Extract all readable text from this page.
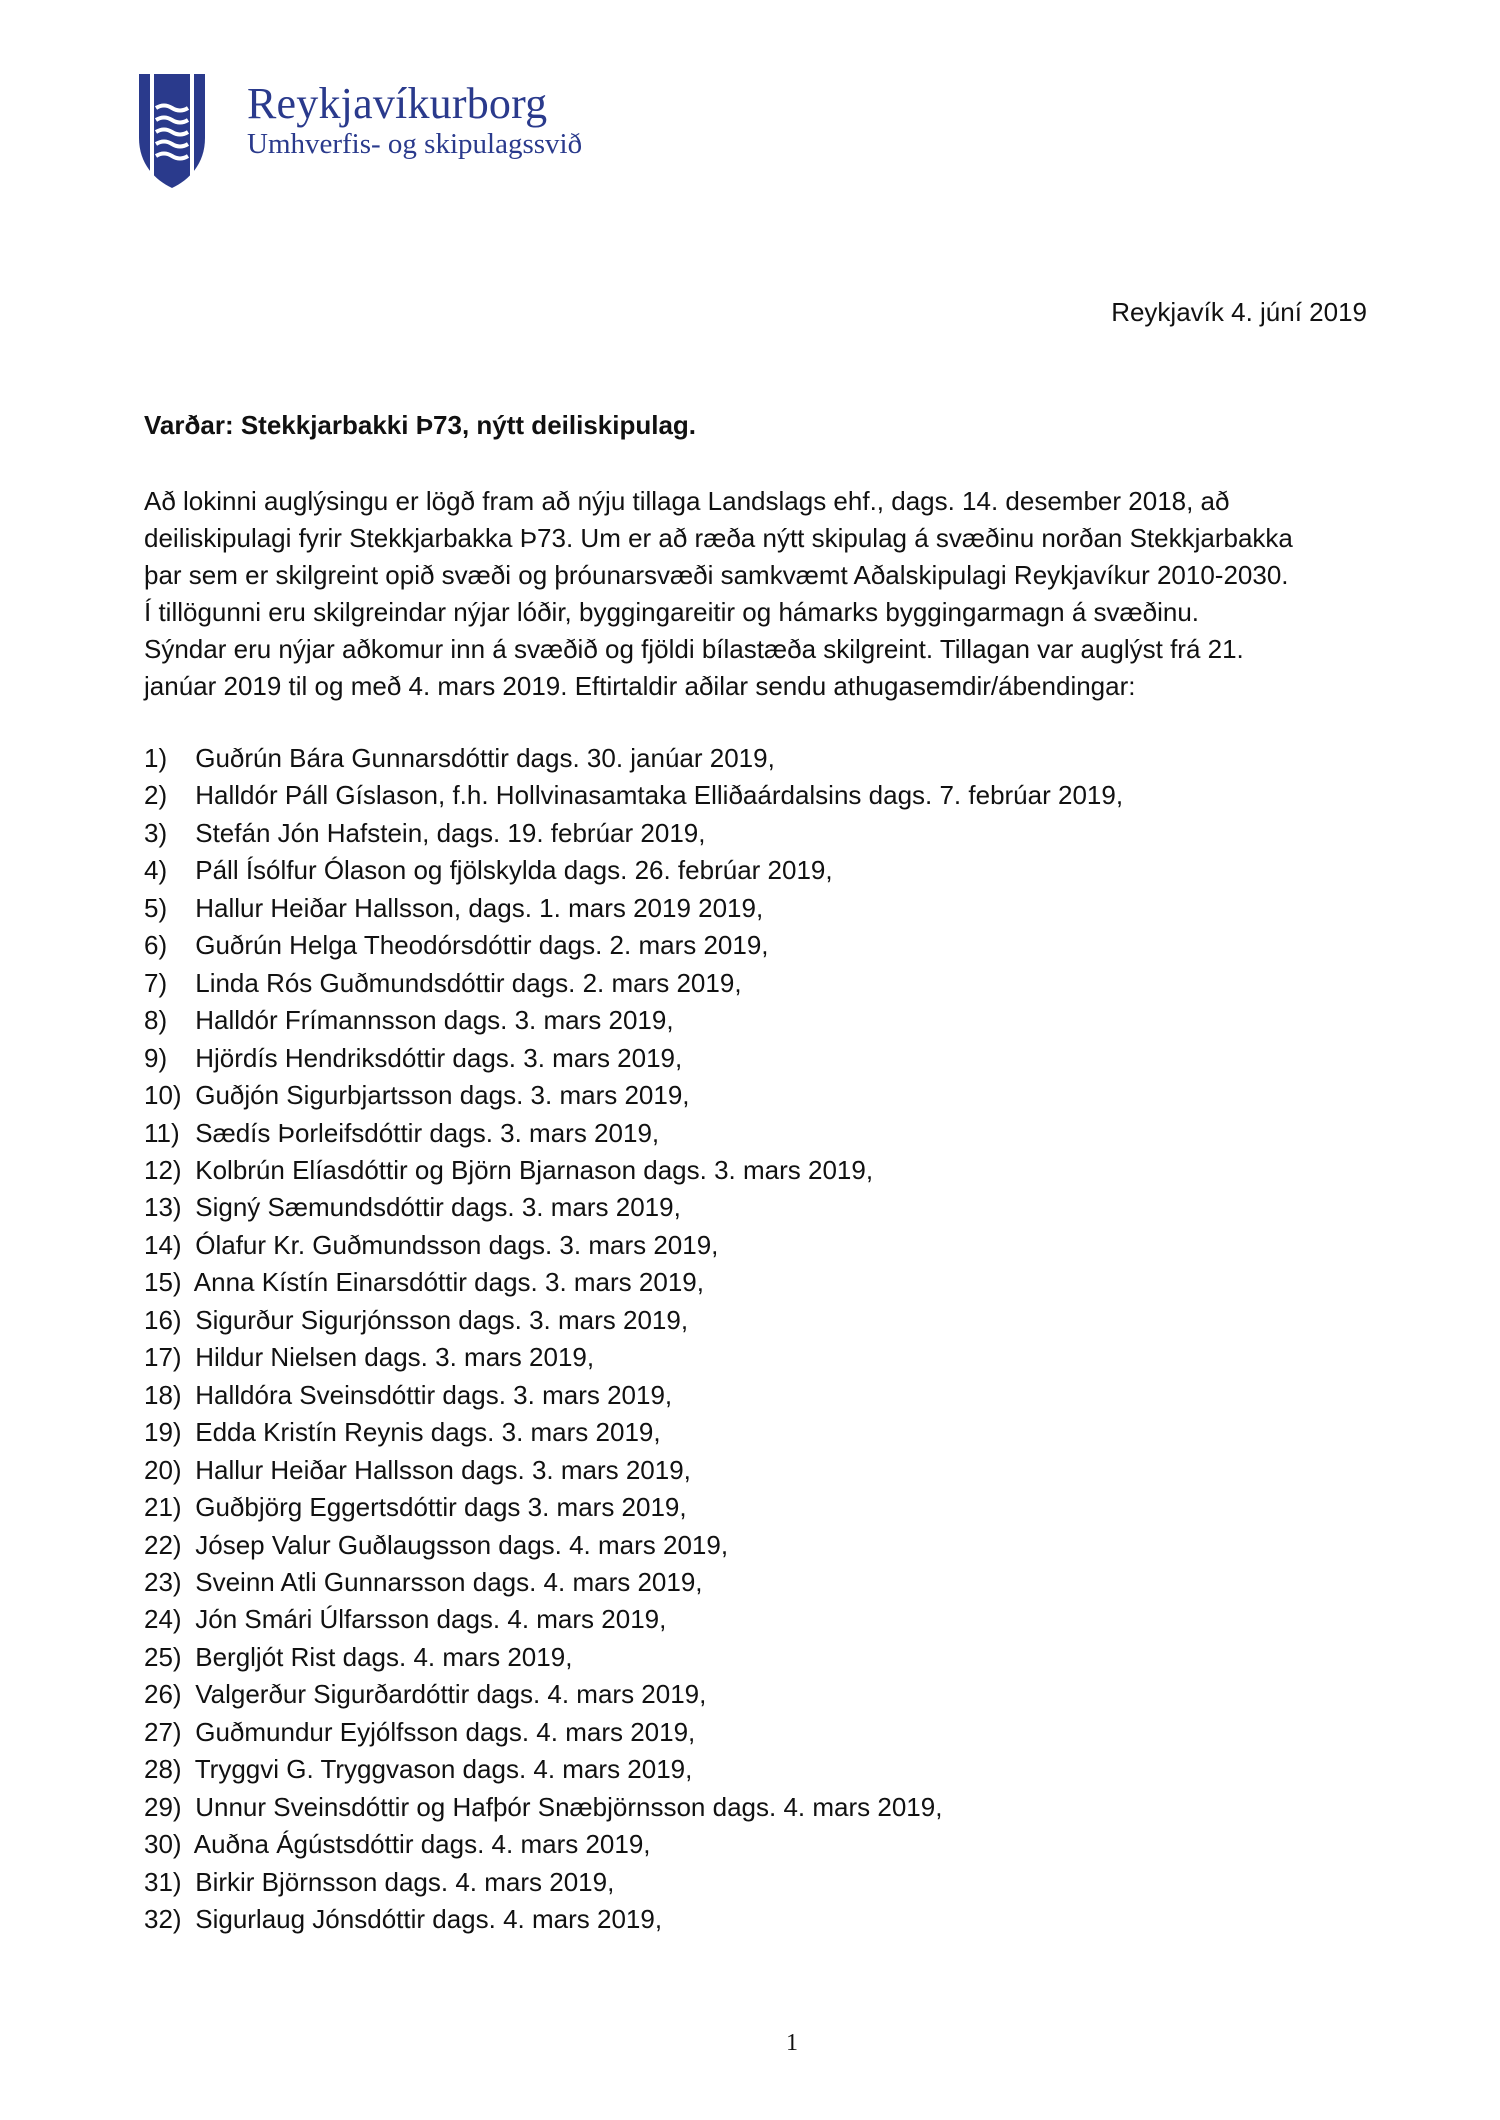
Reykjavíkurborg
Umhverfis- og skipulagssvið
Reykjavík 4. júní 2019
Varðar: Stekkjarbakki Þ73, nýtt deiliskipulag.
Að lokinni auglýsingu er lögð fram að nýju tillaga Landslags ehf., dags. 14. desember 2018, að
deiliskipulagi fyrir Stekkjarbakka Þ73. Um er að ræða nýtt skipulag á svæðinu norðan Stekkjarbakka
þar sem er skilgreint opið svæði og þróunarsvæði samkvæmt Aðalskipulagi Reykjavíkur 2010-2030.
Í tillögunni eru skilgreindar nýjar lóðir, byggingareitir og hámarks byggingarmagn á svæðinu.
Sýndar eru nýjar aðkomur inn á svæðið og fjöldi bílastæða skilgreint. Tillagan var auglýst frá 21.
janúar 2019 til og með 4. mars 2019. Eftirtaldir aðilar sendu athugasemdir/ábendingar:
1) Guðrún Bára Gunnarsdóttir dags. 30. janúar 2019,
2) Halldór Páll Gíslason, f.h. Hollvinasamtaka Elliðaárdalsins dags. 7. febrúar 2019,
3) Stefán Jón Hafstein, dags. 19. febrúar 2019,
4) Páll Ísólfur Ólason og fjölskylda dags. 26. febrúar 2019,
5) Hallur Heiðar Hallsson, dags. 1. mars 2019 2019,
6) Guðrún Helga Theodórsdóttir dags. 2. mars 2019,
7) Linda Rós Guðmundsdóttir dags. 2. mars 2019,
8) Halldór Frímannsson dags. 3. mars 2019,
9) Hjördís Hendriksdóttir dags. 3. mars 2019,
10) Guðjón Sigurbjartsson dags. 3. mars 2019,
11) Sædís Þorleifsdóttir dags. 3. mars 2019,
12) Kolbrún Elíasdóttir og Björn Bjarnason dags. 3. mars 2019,
13) Signý Sæmundsdóttir dags. 3. mars 2019,
14) Ólafur Kr. Guðmundsson dags. 3. mars 2019,
15) Anna Kístín Einarsdóttir dags. 3. mars 2019,
16) Sigurður Sigurjónsson dags. 3. mars 2019,
17) Hildur Nielsen dags. 3. mars 2019,
18) Halldóra Sveinsdóttir dags. 3. mars 2019,
19) Edda Kristín Reynis dags. 3. mars 2019,
20) Hallur Heiðar Hallsson dags. 3. mars 2019,
21) Guðbjörg Eggertsdóttir dags 3. mars 2019,
22) Jósep Valur Guðlaugsson dags. 4. mars 2019,
23) Sveinn Atli Gunnarsson dags. 4. mars 2019,
24) Jón Smári Úlfarsson dags. 4. mars 2019,
25) Bergljót Rist dags. 4. mars 2019,
26) Valgerður Sigurðardóttir dags. 4. mars 2019,
27) Guðmundur Eyjólfsson dags. 4. mars 2019,
28) Tryggvi G. Tryggvason dags. 4. mars 2019,
29) Unnur Sveinsdóttir og Hafþór Snæbjörnsson dags. 4. mars 2019,
30) Auðna Ágústsdóttir dags. 4. mars 2019,
31) Birkir Björnsson dags. 4. mars 2019,
32) Sigurlaug Jónsdóttir dags. 4. mars 2019,
1
